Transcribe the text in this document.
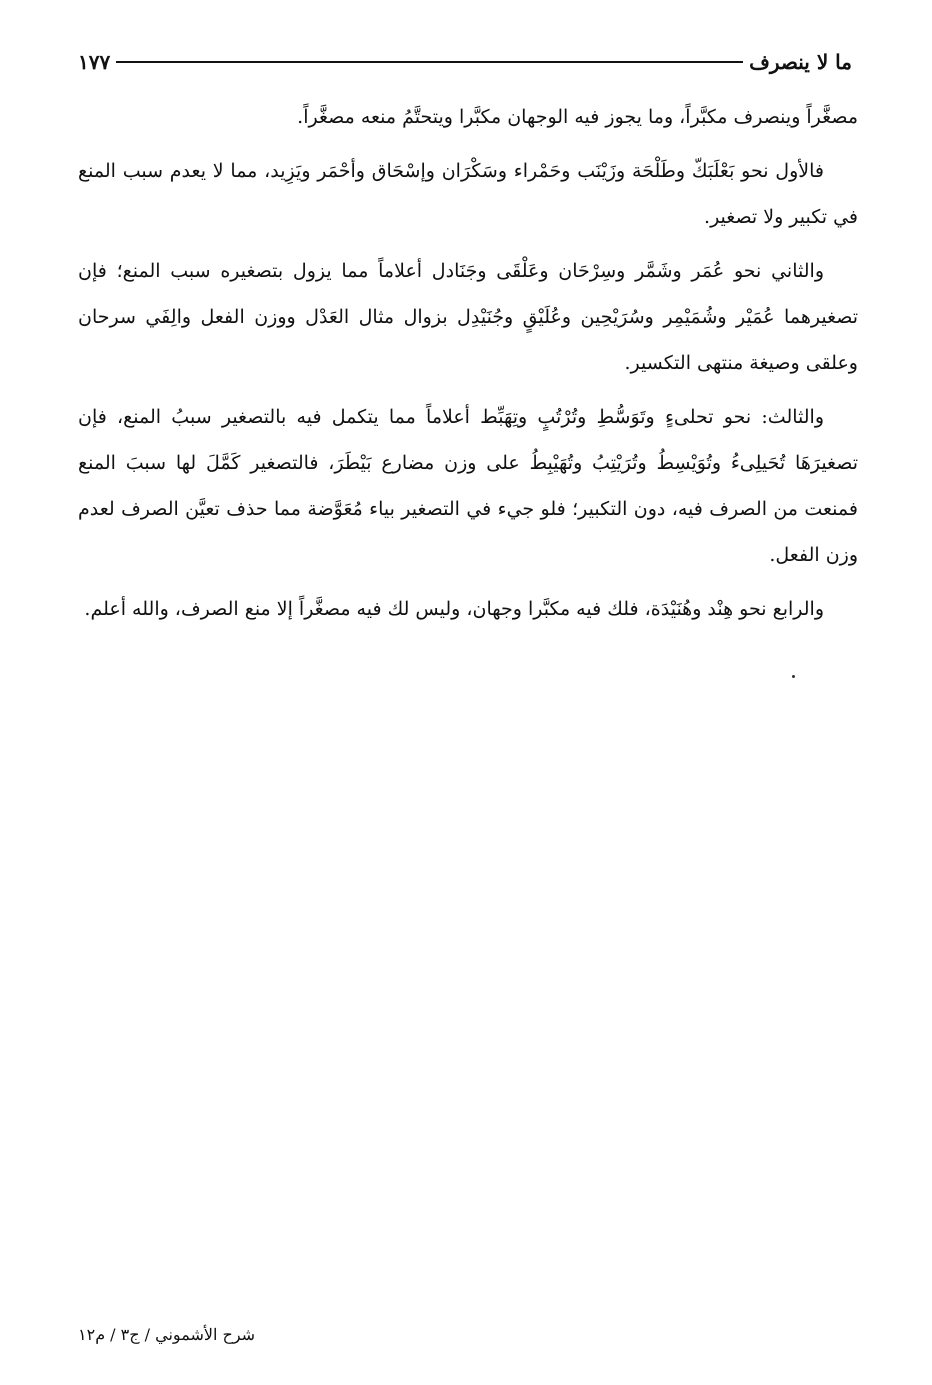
ما لا ينصرف
١٧٧

مصغَّراً وينصرف مكبَّراً، وما يجوز فيه الوجهان مكبَّرا ويتحتَّمُ منعه مصغَّراً.

فالأول نحو بَعْلَبَكّ وطَلْحَة وزَيْنَب وحَمْراء وسَكْرَان وإسْحَاق وأحْمَر ويَزِيد، مما لا يعدم سبب المنع في تكبير ولا تصغير.

والثاني نحو عُمَر وشَمَّر وسِرْحَان وعَلْقَى وجَنَادل أعلاماً مما يزول بتصغيره سبب المنع؛ فإن تصغيرهما عُمَيْر وشُمَيْمِر وسُرَيْحِين وعُلَيْقٍ وجُنَيْدِل بزوال مثال العَدْل ووزن الفعل والِفَي سرحان وعلقى وصيغة منتهى التكسير.

والثالث: نحو تحلىءٍ وتَوَسُّطِ وتُرْتُبٍ وتِهَبِّط أعلاماً مما يتكمل فيه بالتصغير سببُ المنع، فإن تصغيرَهَا تُحَيلِىءُ وتُوَيْسِطُ وتُرَيْتِبُ وتُهَيْبِطُ على وزن مضارع بَيْطَرَ، فالتصغير كَمَّلَ لها سببَ المنع فمنعت من الصرف فيه، دون التكبير؛ فلو جيء في التصغير بياء مُعَوَّضة مما حذف تعيَّن الصرف لعدم وزن الفعل.

والرابع نحو هِنْد وهُنَيْدَة، فلك فيه مكبَّرا وجهان، وليس لك فيه مصغَّراً إلا منع الصرف، والله أعلم.

شرح الأشموني / ج٣ / م١٢
